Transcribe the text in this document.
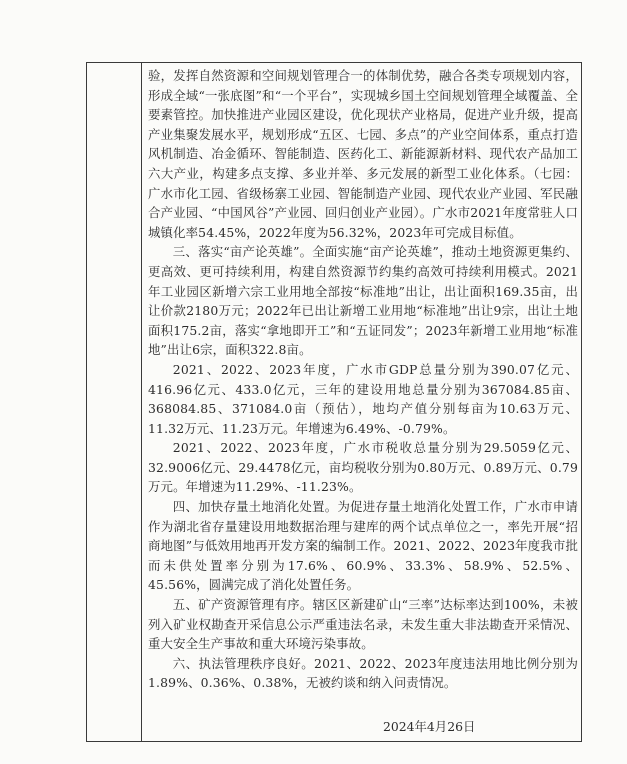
验，发挥自然资源和空间规划管理合一的体制优势，融合各类专项规划内容，形成全域“一张底图”和“一个平台”，实现城乡国土空间规划管理全域覆盖、全要素管控。加快推进产业园区建设，优化现状产业格局，促进产业升级，提高产业集聚发展水平，规划形成“五区、七园、多点”的产业空间体系，重点打造风机制造、冶金循环、智能制造、医药化工、新能源新材料、现代农产品加工六大产业，构建多点支撑、多业并举、多元发展的新型工业化体系。（七园：广水市化工园、省级杨寨工业园、智能制造产业园、现代农业产业园、军民融合产业园、“中国风谷”产业园、回归创业产业园）。广水市2021年度常驻人口城镇化率54.45%，2022年度为56.32%，2023年可完成目标值。

三、落实“亩产论英雄”。全面实施“亩产论英雄”，推动土地资源更集约、更高效、更可持续利用，构建自然资源节约集约高效可持续利用模式。2021年工业园区新增六宗工业用地全部按“标准地”出让，出让面积169.35亩，出让价款2180万元；2022年已出让新增工业用地“标准地”出让9宗，出让土地面积175.2亩，落实“拿地即开工”和“五证同发”；2023年新增工业用地“标准地”出让6宗，面积322.8亩。

2021、2022、2023年度，广水市GDP总量分别为390.07亿元、416.96亿元、433.0亿元，三年的建设用地总量分别为367084.85亩、368084.85、371084.0亩（预估），地均产值分别每亩为10.63万元、11.32万元、11.23万元。年增速为6.49%、-0.79%。

2021、2022、2023年度，广水市税收总量分别为29.5059亿元、32.9006亿元、29.4478亿元，亩均税收分别为0.80万元、0.89万元、0.79万元。年增速为11.29%、-11.23%。

四、加快存量土地消化处置。为促进存量土地消化处置工作，广水市申请作为湖北省存量建设用地数据治理与建库的两个试点单位之一，率先开展“招商地图”与低效用地再开发方案的编制工作。2021、2022、2023年度我市批而未供处置率分别为17.6%、60.9%、33.3%、58.9%、52.5%、45.56%，圆满完成了消化处置任务。

五、矿产资源管理有序。辖区区新建矿山“三率”达标率达到100%，未被列入矿业权勘查开采信息公示严重违法名录，未发生重大非法勘查开采情况、重大安全生产事故和重大环境污染事故。

六、执法管理秩序良好。2021、2022、2023年度违法用地比例分别为1.89%、0.36%、0.38%，无被约谈和纳入问责情况。

2024年4月26日
